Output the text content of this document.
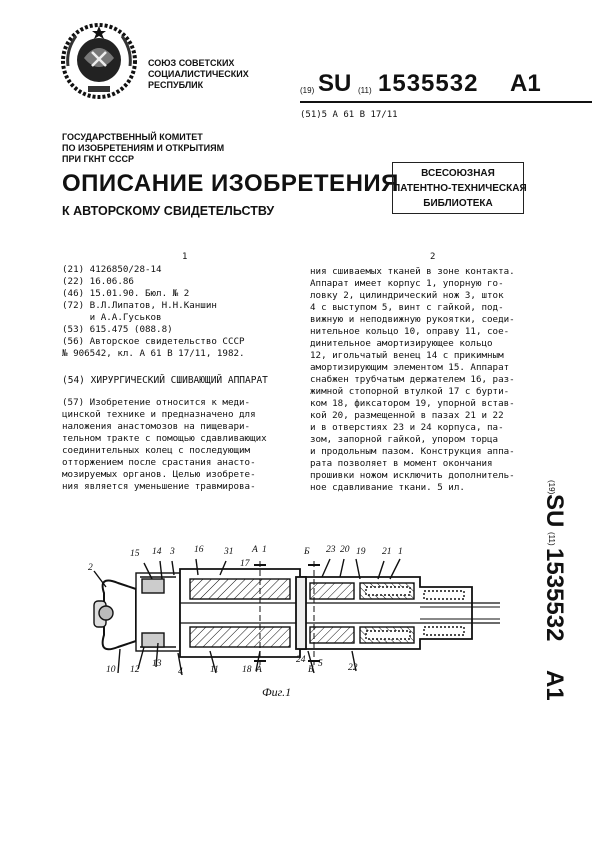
СОЮЗ СОВЕТСКИХ
СОЦИАЛИСТИЧЕСКИХ
РЕСПУБЛИК
(19) SU (11) 1535532 A1
(51)5 A 61 B 17/11
ГОСУДАРСТВЕННЫЙ КОМИТЕТ
ПО ИЗОБРЕТЕНИЯМ И ОТКРЫТИЯМ
ПРИ ГКНТ СССР
ОПИСАНИЕ ИЗОБРЕТЕНИЯ
К АВТОРСКОМУ СВИДЕТЕЛЬСТВУ
ВСЕСОЮЗНАЯ
ПАТЕНТНО-ТЕХНИЧЕСКАЯ
БИБЛИОТЕКА
1	2
(21) 4126850/28-14
(22) 16.06.86
(46) 15.01.90. Бюл. № 2
(72) В.Л.Липатов, Н.Н.Каншин
и А.А.Гуськов
(53) 615.475 (088.8)
(56) Авторское свидетельство СССР
№ 906542, кл. А 61 В 17/11, 1982.
(54) ХИРУРГИЧЕСКИЙ СШИВАЮЩИЙ АППАРАТ
(57) Изобретение относится к меди-
цинской технике и предназначено для
наложения анастомозов на пищевари-
тельном тракте с помощью сдавливающих
соединительных колец с последующим
отторжением после срастания анасто-
мозируемых органов. Целью изобрете-
ния является уменьшение травмирова-
ния сшиваемых тканей в зоне контакта.
Аппарат имеет корпус 1, упорную го-
ловку 2, цилиндрический нож 3, шток
4 с выступом 5, винт с гайкой, под-
вижную и неподвижную рукоятки, соеди-
нительное кольцо 10, оправу 11, сое-
динительное амортизирующее кольцо
12, игольчатый венец 14 с прикимным
амортизирующим элементом 15. Аппарат
снабжен трубчатым держателем 16, раз-
жимной стопорной втулкой 17 с бурти-
ком 18, фиксатором 19, упорной встав-
кой 20, размещенной в пазах 21 и 22
и в отверстиях 23 и 24 корпуса, па-
зом, запорной гайкой, упором торца
и продольным пазом. Конструкция аппа-
рата позволяет в момент окончания
прошивки ножом исключить дополнитель-
ное сдавливание ткани. 5 ил.	(19)
SU
(11)
1535532
A1
15 14 3 16 31 А 1
17
Б 23 20 19 21 1
2
10 12
13
4	11 18 А
24
Б
5	22
Фиг.1
